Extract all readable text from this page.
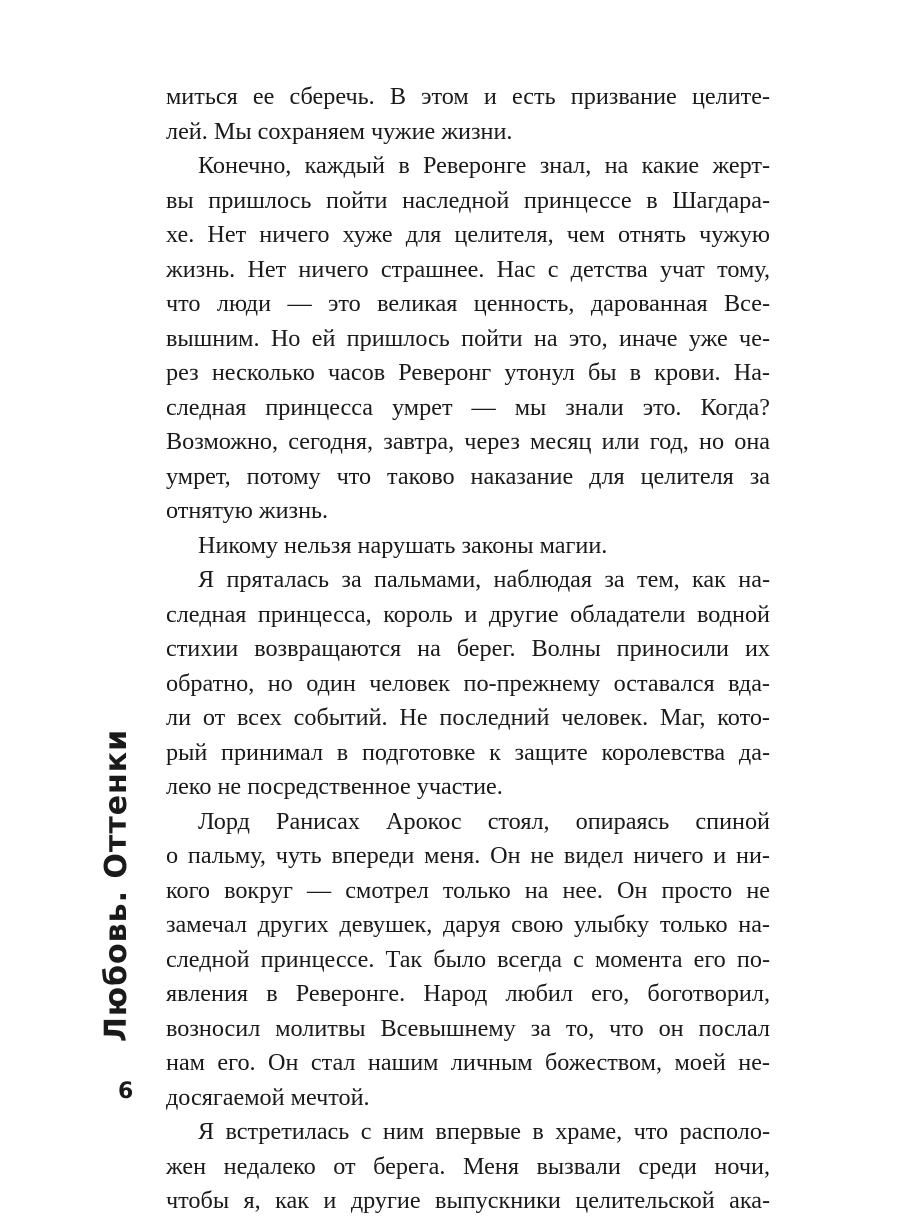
миться ее сберечь. В этом и есть призвание целите-
лей. Мы сохраняем чужие жизни.
Конечно, каждый в Реверонге знал, на какие жерт-
вы пришлось пойти наследной принцессе в Шагдара-
хе. Нет ничего хуже для целителя, чем отнять чужую
жизнь. Нет ничего страшнее. Нас с детства учат тому,
что люди — это великая ценность, дарованная Все-
вышним. Но ей пришлось пойти на это, иначе уже че-
рез несколько часов Реверонг утонул бы в крови. На-
следная принцесса умрет — мы знали это. Когда?
Возможно, сегодня, завтра, через месяц или год, но она
умрет, потому что таково наказание для целителя за
отнятую жизнь.
Никому нельзя нарушать законы магии.
Я пряталась за пальмами, наблюдая за тем, как на-
следная принцесса, король и другие обладатели водной
стихии возвращаются на берег. Волны приносили их
обратно, но один человек по-прежнему оставался вда-
ли от всех событий. Не последний человек. Маг, кото-
рый принимал в подготовке к защите королевства да-
леко не посредственное участие.
Лорд Ранисах Арокос стоял, опираясь спиной
о пальму, чуть впереди меня. Он не видел ничего и ни-
кого вокруг — смотрел только на нее. Он просто не
замечал других девушек, даруя свою улыбку только на-
следной принцессе. Так было всегда с момента его по-
явления в Реверонге. Народ любил его, боготворил,
возносил молитвы Всевышнему за то, что он послал
нам его. Он стал нашим личным божеством, моей не-
досягаемой мечтой.
Я встретилась с ним впервые в храме, что располо-
жен недалеко от берега. Меня вызвали среди ночи,
чтобы я, как и другие выпускники целительской ака-
Любовь. Оттенки
6
